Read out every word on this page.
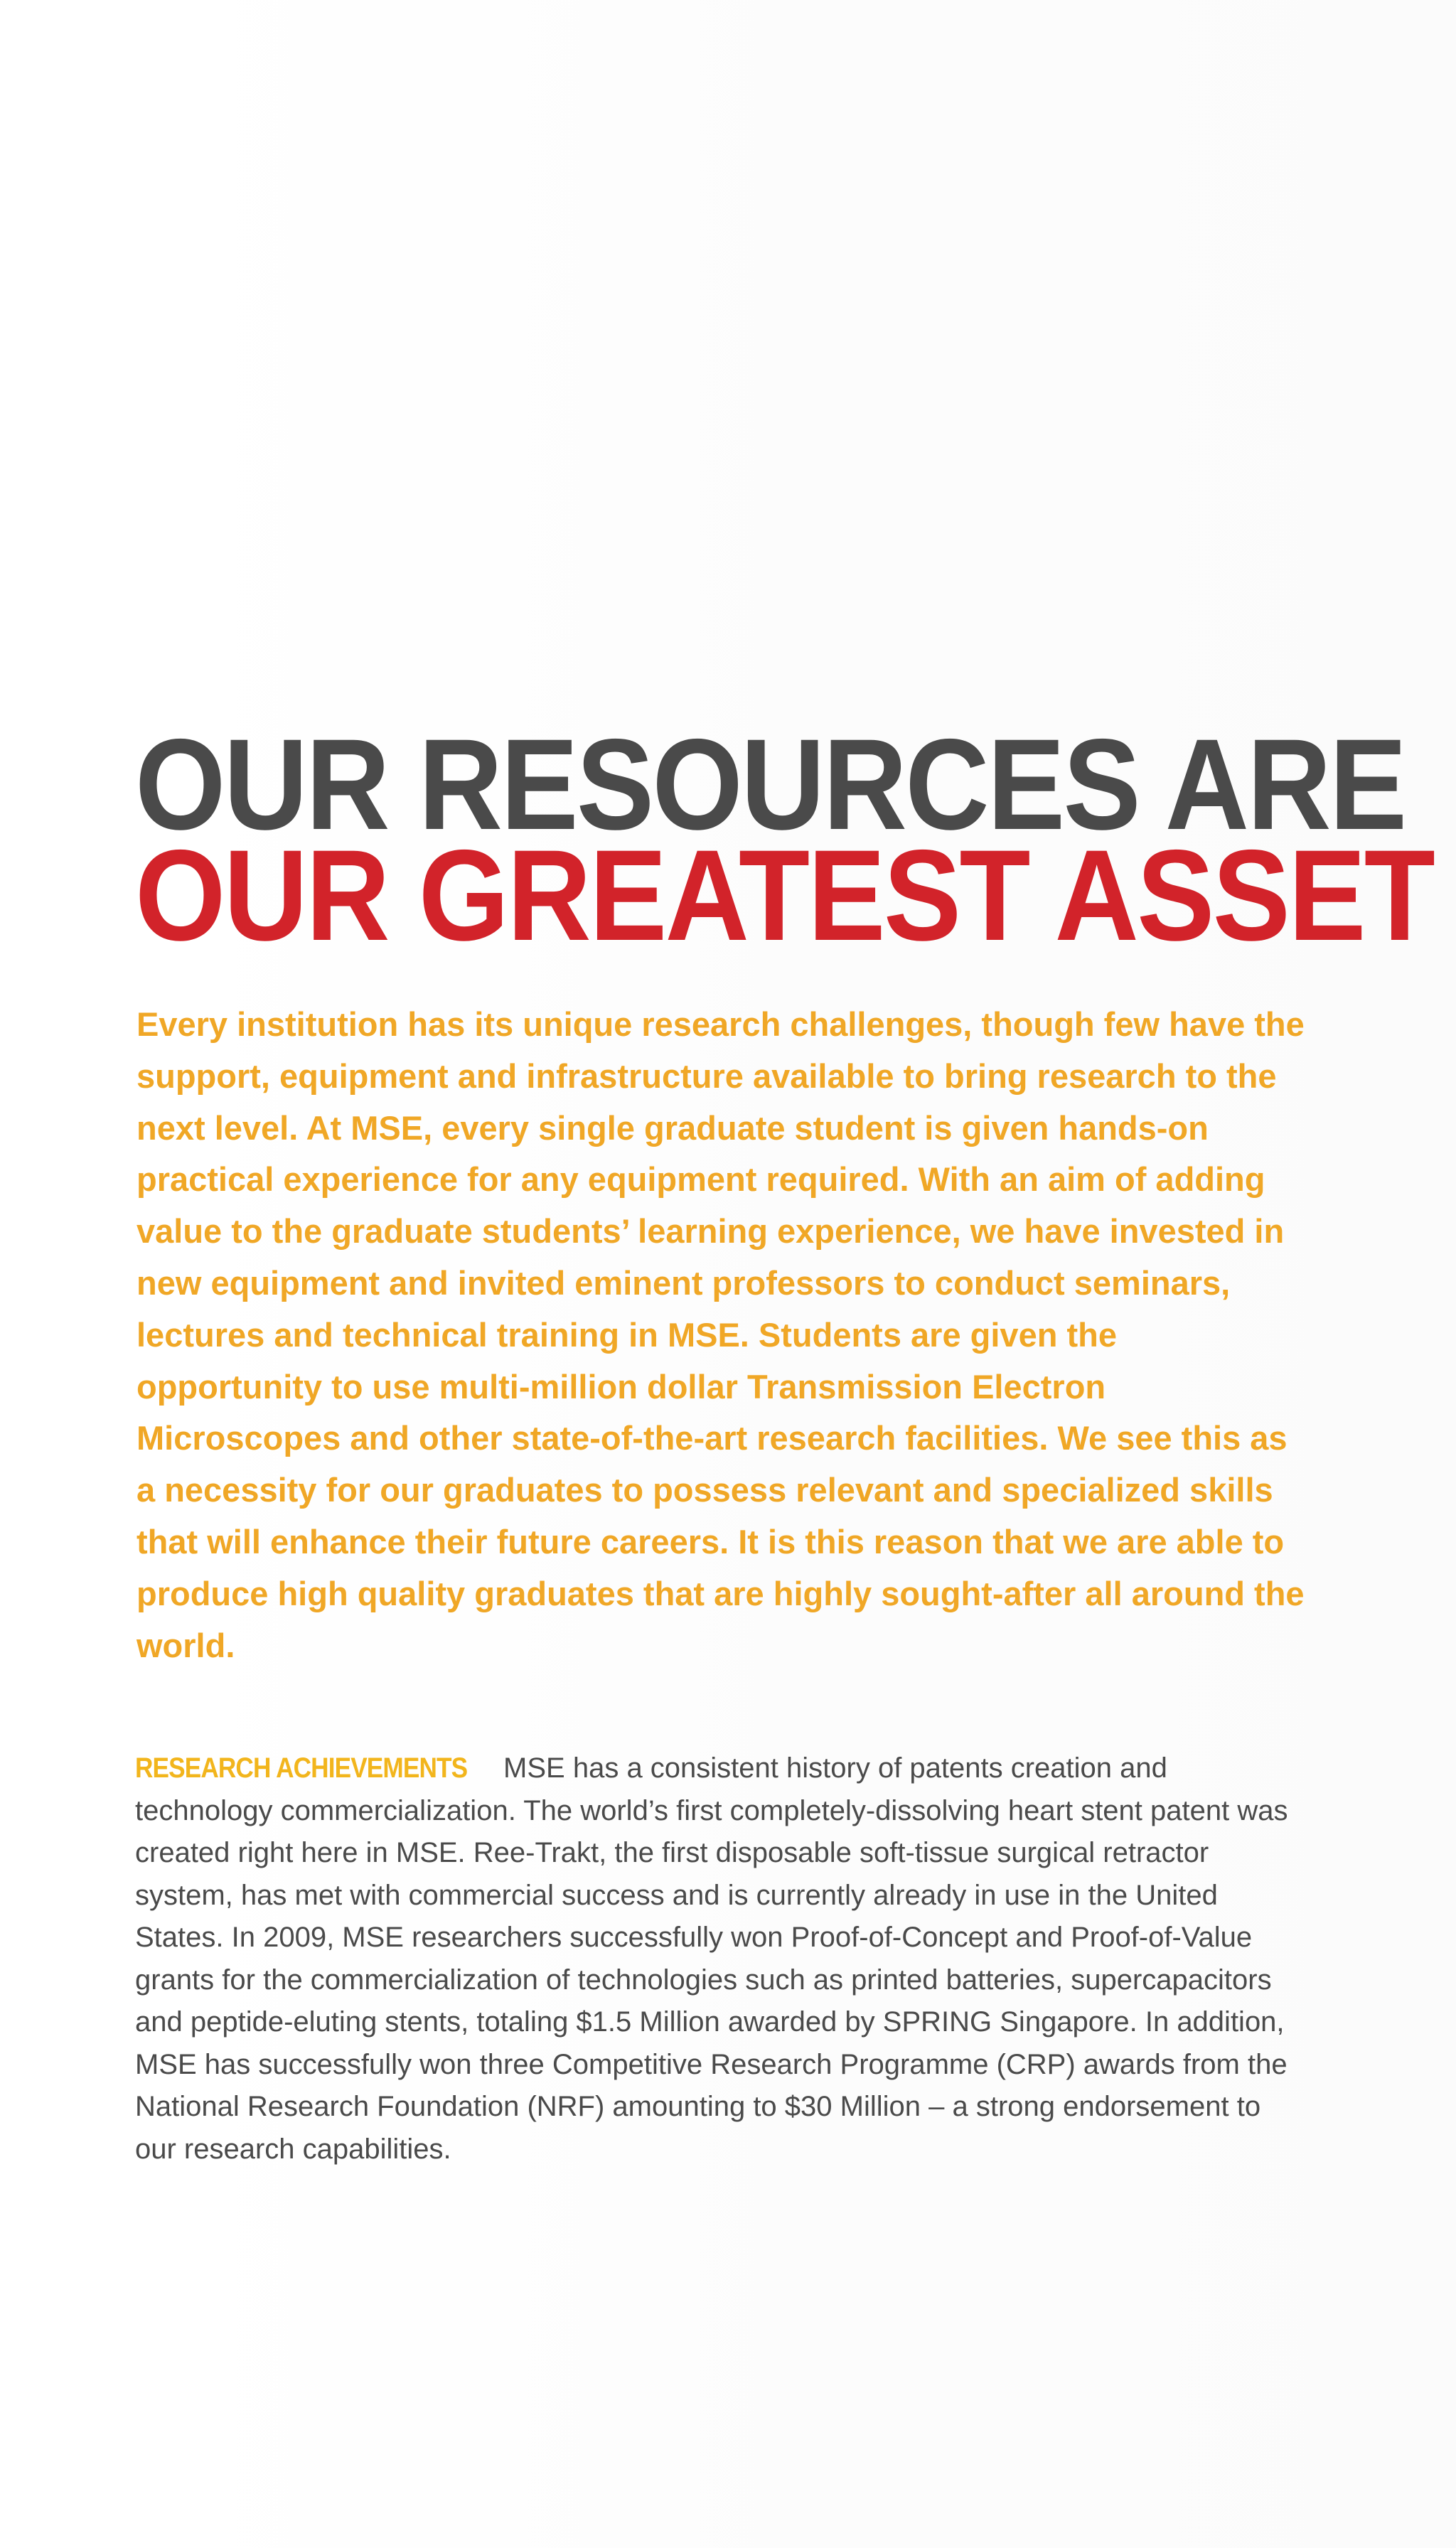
OUR RESOURCES ARE
OUR GREATEST ASSET

Every institution has its unique research challenges, though few have the support, equipment and infrastructure available to bring research to the next level. At MSE, every single graduate student is given hands-on practical experience for any equipment required. With an aim of adding value to the graduate students’ learning experience, we have invested in new equipment and invited eminent professors to conduct seminars, lectures and technical training in MSE. Students are given the opportunity to use multi-million dollar Transmission Electron Microscopes and other state-of-the-art research facilities. We see this as a necessity for our graduates to possess relevant and specialized skills that will enhance their future careers. It is this reason that we are able to produce high quality graduates that are highly sought-after all around the world.

RESEARCH ACHIEVEMENTS MSE has a consistent history of patents creation and technology commercialization. The world’s first completely-dissolving heart stent patent was created right here in MSE. Ree-Trakt, the first disposable soft-tissue surgical retractor system, has met with commercial success and is currently already in use in the United States. In 2009, MSE researchers successfully won Proof-of-Concept and Proof-of-Value grants for the commercialization of technologies such as printed batteries, supercapacitors and peptide-eluting stents, totaling $1.5 Million awarded by SPRING Singapore. In addition, MSE has successfully won three Competitive Research Programme (CRP) awards from the National Research Foundation (NRF) amounting to $30 Million – a strong endorsement to our research capabilities.
